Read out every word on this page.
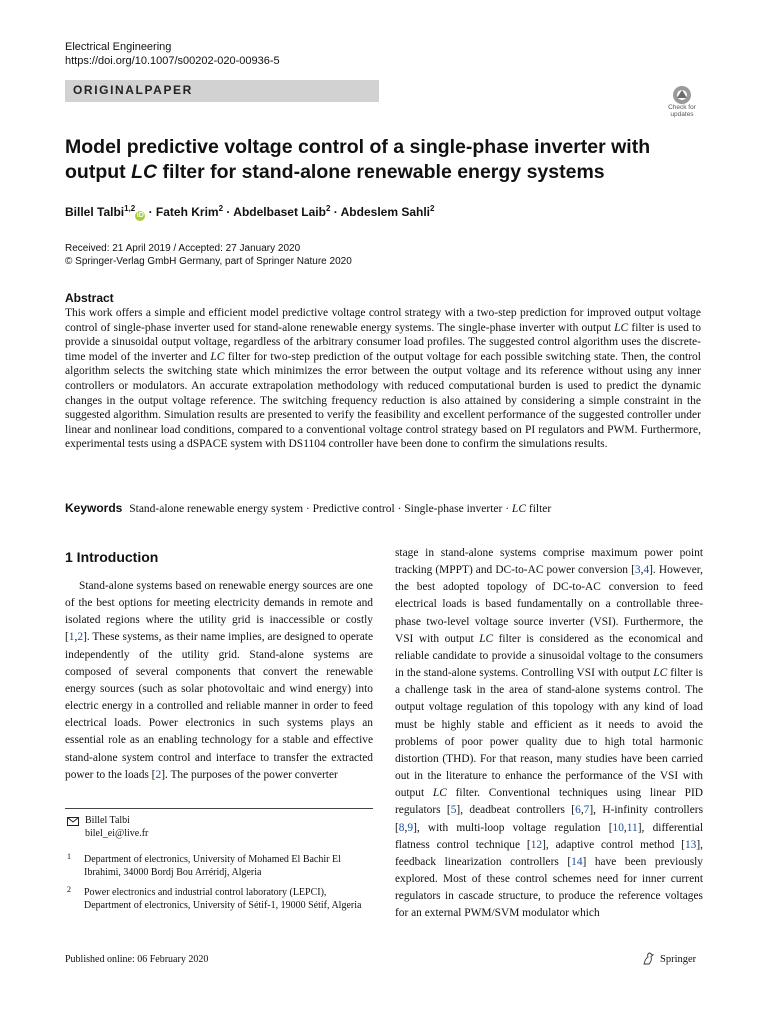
Electrical Engineering
https://doi.org/10.1007/s00202-020-00936-5
ORIGINALPAPER
Check for
updates
Model predictive voltage control of a single-phase inverter with output LC filter for stand-alone renewable energy systems
Billel Talbi$^{1,2}$iD · Fateh Krim$^2$ · Abdelbaset Laib$^2$ · Abdeslem Sahli$^2$
Received: 21 April 2019 / Accepted: 27 January 2020
© Springer-Verlag GmbH Germany, part of Springer Nature 2020
Abstract
This work offers a simple and efficient model predictive voltage control strategy with a two-step prediction for improved output voltage control of single-phase inverter used for stand-alone renewable energy systems. The single-phase inverter with output LC filter is used to provide a sinusoidal output voltage, regardless of the arbitrary consumer load profiles. The suggested control algorithm uses the discrete-time model of the inverter and LC filter for two-step prediction of the output voltage for each possible switching state. Then, the control algorithm selects the switching state which minimizes the error between the output voltage and its reference without using any inner controllers or modulators. An accurate extrapolation methodology with reduced computational burden is used to predict the dynamic changes in the output voltage reference. The switching frequency reduction is also attained by considering a simple constraint in the suggested algorithm. Simulation results are presented to verify the feasibility and excellent performance of the suggested controller under linear and nonlinear load conditions, compared to a conventional voltage control strategy based on PI regulators and PWM. Furthermore, experimental tests using a dSPACE system with DS1104 controller have been done to confirm the simulations results.
Keywords Stand-alone renewable energy system · Predictive control · Single-phase inverter · LC filter
1 Introduction
Stand-alone systems based on renewable energy sources are one of the best options for meeting electricity demands in remote and isolated regions where the utility grid is inaccessible or costly [1,2]. These systems, as their name implies, are designed to operate independently of the utility grid. Stand-alone systems are composed of several components that convert the renewable energy sources (such as solar photovoltaic and wind energy) into electric energy in a controlled and reliable manner in order to feed electrical loads. Power electronics in such systems plays an essential role as an enabling technology for a stable and effective stand-alone system control and interface to transfer the extracted power to the loads [2]. The purposes of the power converter
stage in stand-alone systems comprise maximum power point tracking (MPPT) and DC-to-AC power conversion [3,4]. However, the best adopted topology of DC-to-AC conversion to feed electrical loads is based fundamentally on a controllable three-phase two-level voltage source inverter (VSI). Furthermore, the VSI with output LC filter is considered as the economical and reliable candidate to provide a sinusoidal voltage to the consumers in the stand-alone systems. Controlling VSI with output LC filter is a challenge task in the area of stand-alone systems control. The output voltage regulation of this topology with any kind of load must be highly stable and efficient as it needs to avoid the problems of poor power quality due to high total harmonic distortion (THD). For that reason, many studies have been carried out in the literature to enhance the performance of the VSI with output LC filter. Conventional techniques using linear PID regulators [5], deadbeat controllers [6,7], H-infinity controllers [8,9], with multi-loop voltage regulation [10,11], differential flatness control technique [12], adaptive control method [13], feedback linearization controllers [14] have been previously explored. Most of these control schemes need for inner current regulators in cascade structure, to produce the reference voltages for an external PWM/SVM modulator which
Billel Talbi
bilel_ei@live.fr
1 Department of electronics, University of Mohamed El Bachir El Ibrahimi, 34000 Bordj Bou Arréridj, Algeria
2 Power electronics and industrial control laboratory (LEPCI), Department of electronics, University of Sétif-1, 19000 Sétif, Algeria
Published online: 06 February 2020	Springer
